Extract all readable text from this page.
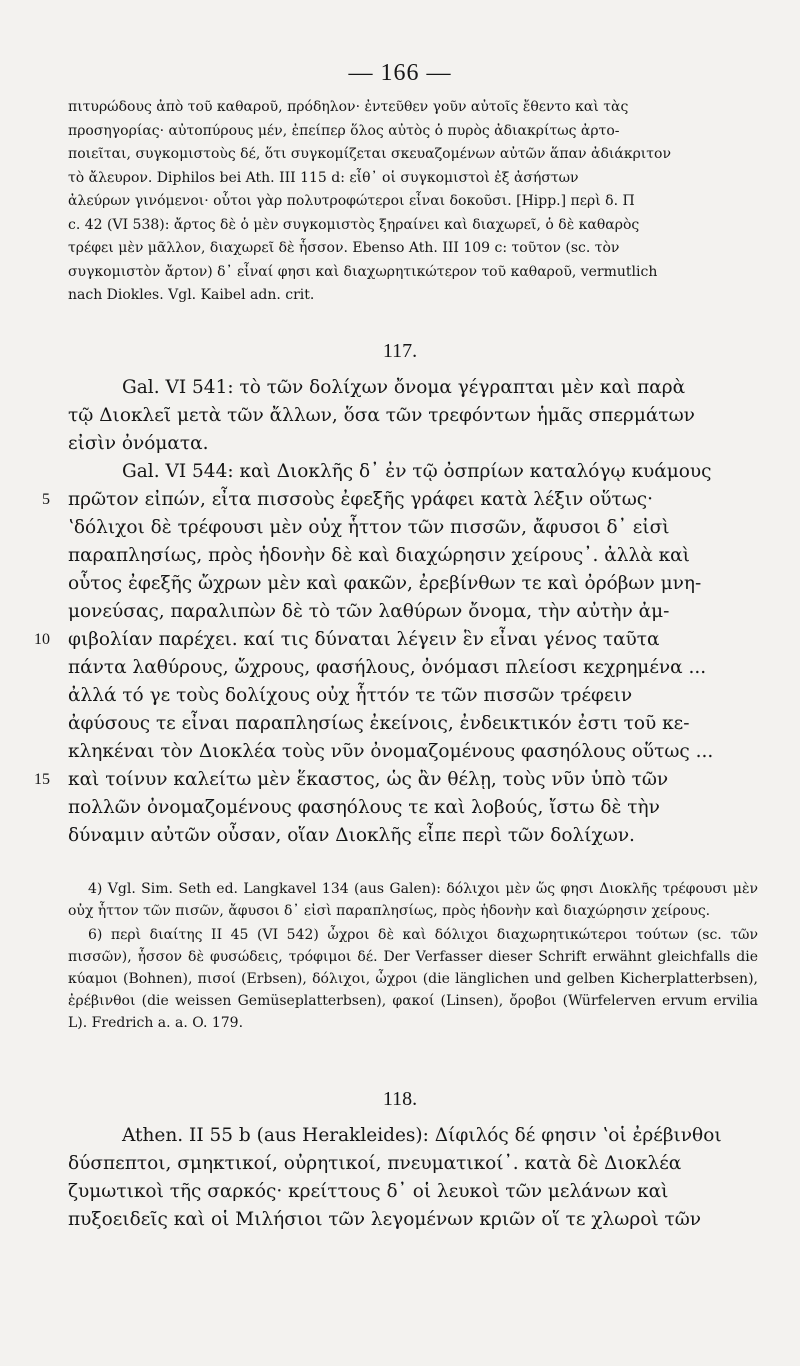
— 166 —

πιτυρώδους ἀπὸ τοῦ καθαροῦ, πρόδηλον· ἐντεῦθεν γοῦν αὐτοῖς ἔθεντο καὶ τὰς

προσηγορίας· αὐτοπύρους μέν, ἐπείπερ ὅλος αὐτὸς ὁ πυρὸς ἀδιακρίτως ἀρτο-

ποιεῖται, συγκομιστοὺς δέ, ὅτι συγκομίζεται σκευαζομένων αὐτῶν ἅπαν ἀδιάκριτον

τὸ ἄλευρον. Diphilos bei Ath. III 115 d: εἶθ᾽ οἱ συγκομιστοὶ ἐξ ἀσήστων

ἀλεύρων γινόμενοι· οὗτοι γὰρ πολυτροφώτεροι εἶναι δοκοῦσι. [Hipp.] περὶ δ. Π

c. 42 (VI 538): ἄρτος δὲ ὁ μὲν συγκομιστὸς ξηραίνει καὶ διαχωρεῖ, ὁ δὲ καθαρὸς

τρέφει μὲν μᾶλλον, διαχωρεῖ δὲ ἧσσον. Ebenso Ath. III 109 c: τοῦτον (sc. τὸν

συγκομιστὸν ἄρτον) δ᾽ εἶναί φησι καὶ διαχωρητικώτερον τοῦ καθαροῦ, vermutlich

nach Diokles. Vgl. Kaibel adn. crit.

117.

Gal. VI 541: τὸ τῶν δολίχων ὄνομα γέγραπται μὲν καὶ παρὰ

τῷ Διοκλεῖ μετὰ τῶν ἄλλων, ὅσα τῶν τρεφόντων ἡμᾶς σπερμάτων

εἰσὶν ὀνόματα.

Gal. VI 544: καὶ Διοκλῆς δ᾽ ἐν τῷ ὀσπρίων καταλόγῳ κυάμους

5 πρῶτον εἰπών, εἶτα πισσοὺς ἐφεξῆς γράφει κατὰ λέξιν οὕτως·

ʽδόλιχοι δὲ τρέφουσι μὲν οὐχ ἧττον τῶν πισσῶν, ἄφυσοι δ᾽ εἰσὶ

παραπλησίως, πρὸς ἡδονὴν δὲ καὶ διαχώρησιν χείρους᾽. ἀλλὰ καὶ

οὗτος ἐφεξῆς ὤχρων μὲν καὶ φακῶν, ἐρεβίνθων τε καὶ ὀρόβων μνη-

μονεύσας, παραλιπὼν δὲ τὸ τῶν λαθύρων ὄνομα, τὴν αὐτὴν ἀμ-

10 φιβολίαν παρέχει. καί τις δύναται λέγειν ἓν εἶναι γένος ταῦτα

πάντα λαθύρους, ὤχρους, φασήλους, ὀνόμασι πλείοσι κεχρημένα ...

ἀλλά τό γε τοὺς δολίχους οὐχ ἧττόν τε τῶν πισσῶν τρέφειν

ἀφύσους τε εἶναι παραπλησίως ἐκείνοις, ἐνδεικτικόν ἐστι τοῦ κε-

κληκέναι τὸν Διοκλέα τοὺς νῦν ὀνομαζομένους φασηόλους οὕτως ...

15 καὶ τοίνυν καλείτω μὲν ἕκαστος, ὡς ἂν θέλῃ, τοὺς νῦν ὑπὸ τῶν

πολλῶν ὀνομαζομένους φασηόλους τε καὶ λοβούς, ἴστω δὲ τὴν

δύναμιν αὐτῶν οὖσαν, οἵαν Διοκλῆς εἶπε περὶ τῶν δολίχων.

4) Vgl. Sim. Seth ed. Langkavel 134 (aus Galen): δόλιχοι μὲν ὥς φησι Διοκλῆς τρέφουσι μὲν οὐχ ἧττον τῶν πισῶν, ἄφυσοι δ᾽ εἰσὶ παραπλησίως, πρὸς ἡδονὴν καὶ διαχώρησιν χείρους.

6) περὶ διαίτης II 45 (VI 542) ὦχροι δὲ καὶ δόλιχοι διαχωρητικώτεροι τούτων (sc. τῶν πισσῶν), ἧσσον δὲ φυσώδεις, τρόφιμοι δέ. Der Verfasser dieser Schrift erwähnt gleichfalls die κύαμοι (Bohnen), πισοί (Erbsen), δόλιχοι, ὦχροι (die länglichen und gelben Kicherplatterbsen), ἐρέβινθοι (die weissen Gemüseplatterbsen), φακοί (Linsen), ὄροβοι (Würfelerven ervum ervilia L). Fredrich a. a. O. 179.

118.

Athen. II 55 b (aus Herakleides): Δίφιλός δέ φησιν ʽοἱ ἐρέβινθοι

δύσπεπτοι, σμηκτικοί, οὐρητικοί, πνευματικοί᾽. κατὰ δὲ Διοκλέα

ζυμωτικοὶ τῆς σαρκός· κρείττους δ᾽ οἱ λευκοὶ τῶν μελάνων καὶ

πυξοειδεῖς καὶ οἱ Μιλήσιοι τῶν λεγομένων κριῶν οἵ τε χλωροὶ τῶν
